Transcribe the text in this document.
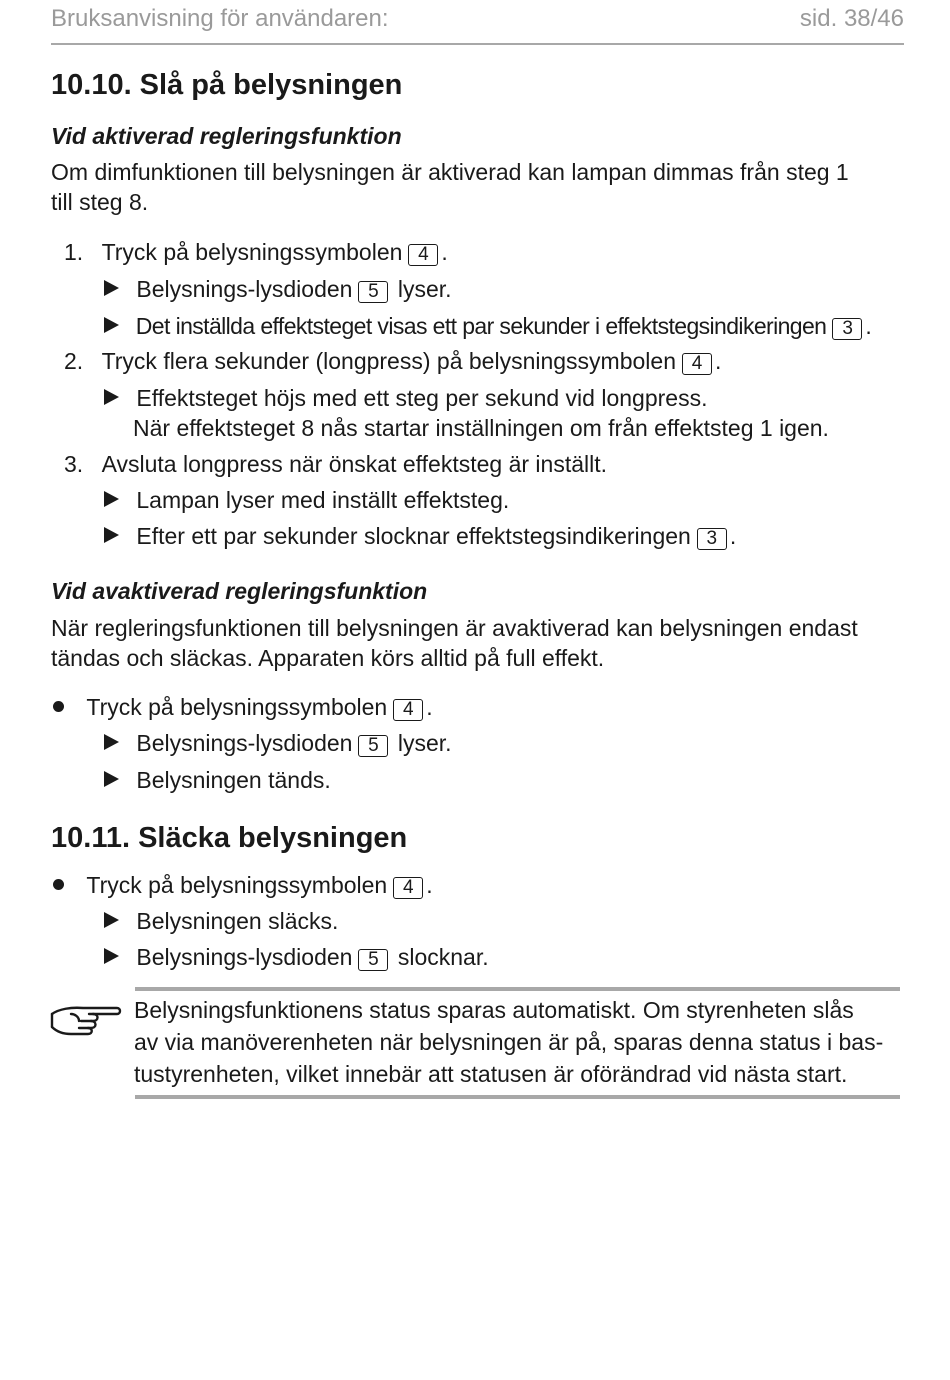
Bruksanvisning för användaren:	sid. 38/46
10.10. Slå på belysningen
Vid aktiverad regleringsfunktion
Om dimfunktionen till belysningen är aktiverad kan lampan dimmas från steg 1
till steg 8.
1. Tryck på belysningssymbolen 4 .
Belysnings-lysdioden 5 lyser.
Det inställda effektsteget visas ett par sekunder i effektstegsindikeringen 3 .
2. Tryck flera sekunder (longpress) på belysningssymbolen 4 .
Effektsteget höjs med ett steg per sekund vid longpress.
När effektsteget 8 nås startar inställningen om från effektsteg 1 igen.
3. Avsluta longpress när önskat effektsteg är inställt.
Lampan lyser med inställt effektsteg.
Efter ett par sekunder slocknar effektstegsindikeringen 3 .
Vid avaktiverad regleringsfunktion
När regleringsfunktionen till belysningen är avaktiverad kan belysningen endast
tändas och släckas. Apparaten körs alltid på full effekt.
Tryck på belysningssymbolen 4 .
Belysnings-lysdioden 5 lyser.
Belysningen tänds.
10.11. Släcka belysningen
Tryck på belysningssymbolen 4 .
Belysningen släcks.
Belysnings-lysdioden 5 slocknar.
Belysningsfunktionens status sparas automatiskt. Om styrenheten slås
av via manöverenheten när belysningen är på, sparas denna status i bas-
tustyrenheten, vilket innebär att statusen är oförändrad vid nästa start.
